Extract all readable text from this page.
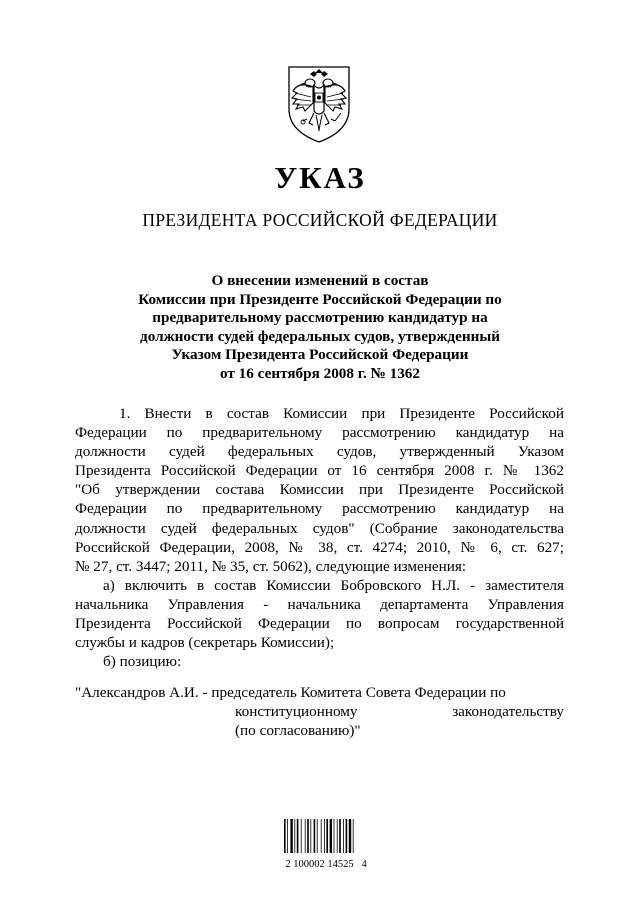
УКАЗ
ПРЕЗИДЕНТА РОССИЙСКОЙ ФЕДЕРАЦИИ
О внесении изменений в состав
Комиссии при Президенте Российской Федерации по
предварительному рассмотрению кандидатур на
должности судей федеральных судов, утвержденный
Указом Президента Российской Федерации
от 16 сентября 2008 г. № 1362
1. Внести в состав Комиссии при Президенте Российской
Федерации по предварительному рассмотрению кандидатур на
должности судей федеральных судов, утвержденный Указом
Президента Российской Федерации от 16 сентября 2008 г. № 1362
"Об утверждении состава Комиссии при Президенте Российской
Федерации по предварительному рассмотрению кандидатур на
должности судей федеральных судов" (Собрание законодательства
Российской Федерации, 2008, № 38, ст. 4274; 2010, № 6, ст. 627;
№ 27, ст. 3447; 2011, № 35, ст. 5062), следующие изменения:
а) включить в состав Комиссии Бобровского Н.Л. - заместителя
начальника Управления - начальника департамента Управления
Президента Российской Федерации по вопросам государственной
службы и кадров (секретарь Комиссии);
б) позицию:
"Александров А.И. - председатель Комитета Совета Федерации по
конституционному	законодательству
(по согласованию)"
2 100002 14525   4
